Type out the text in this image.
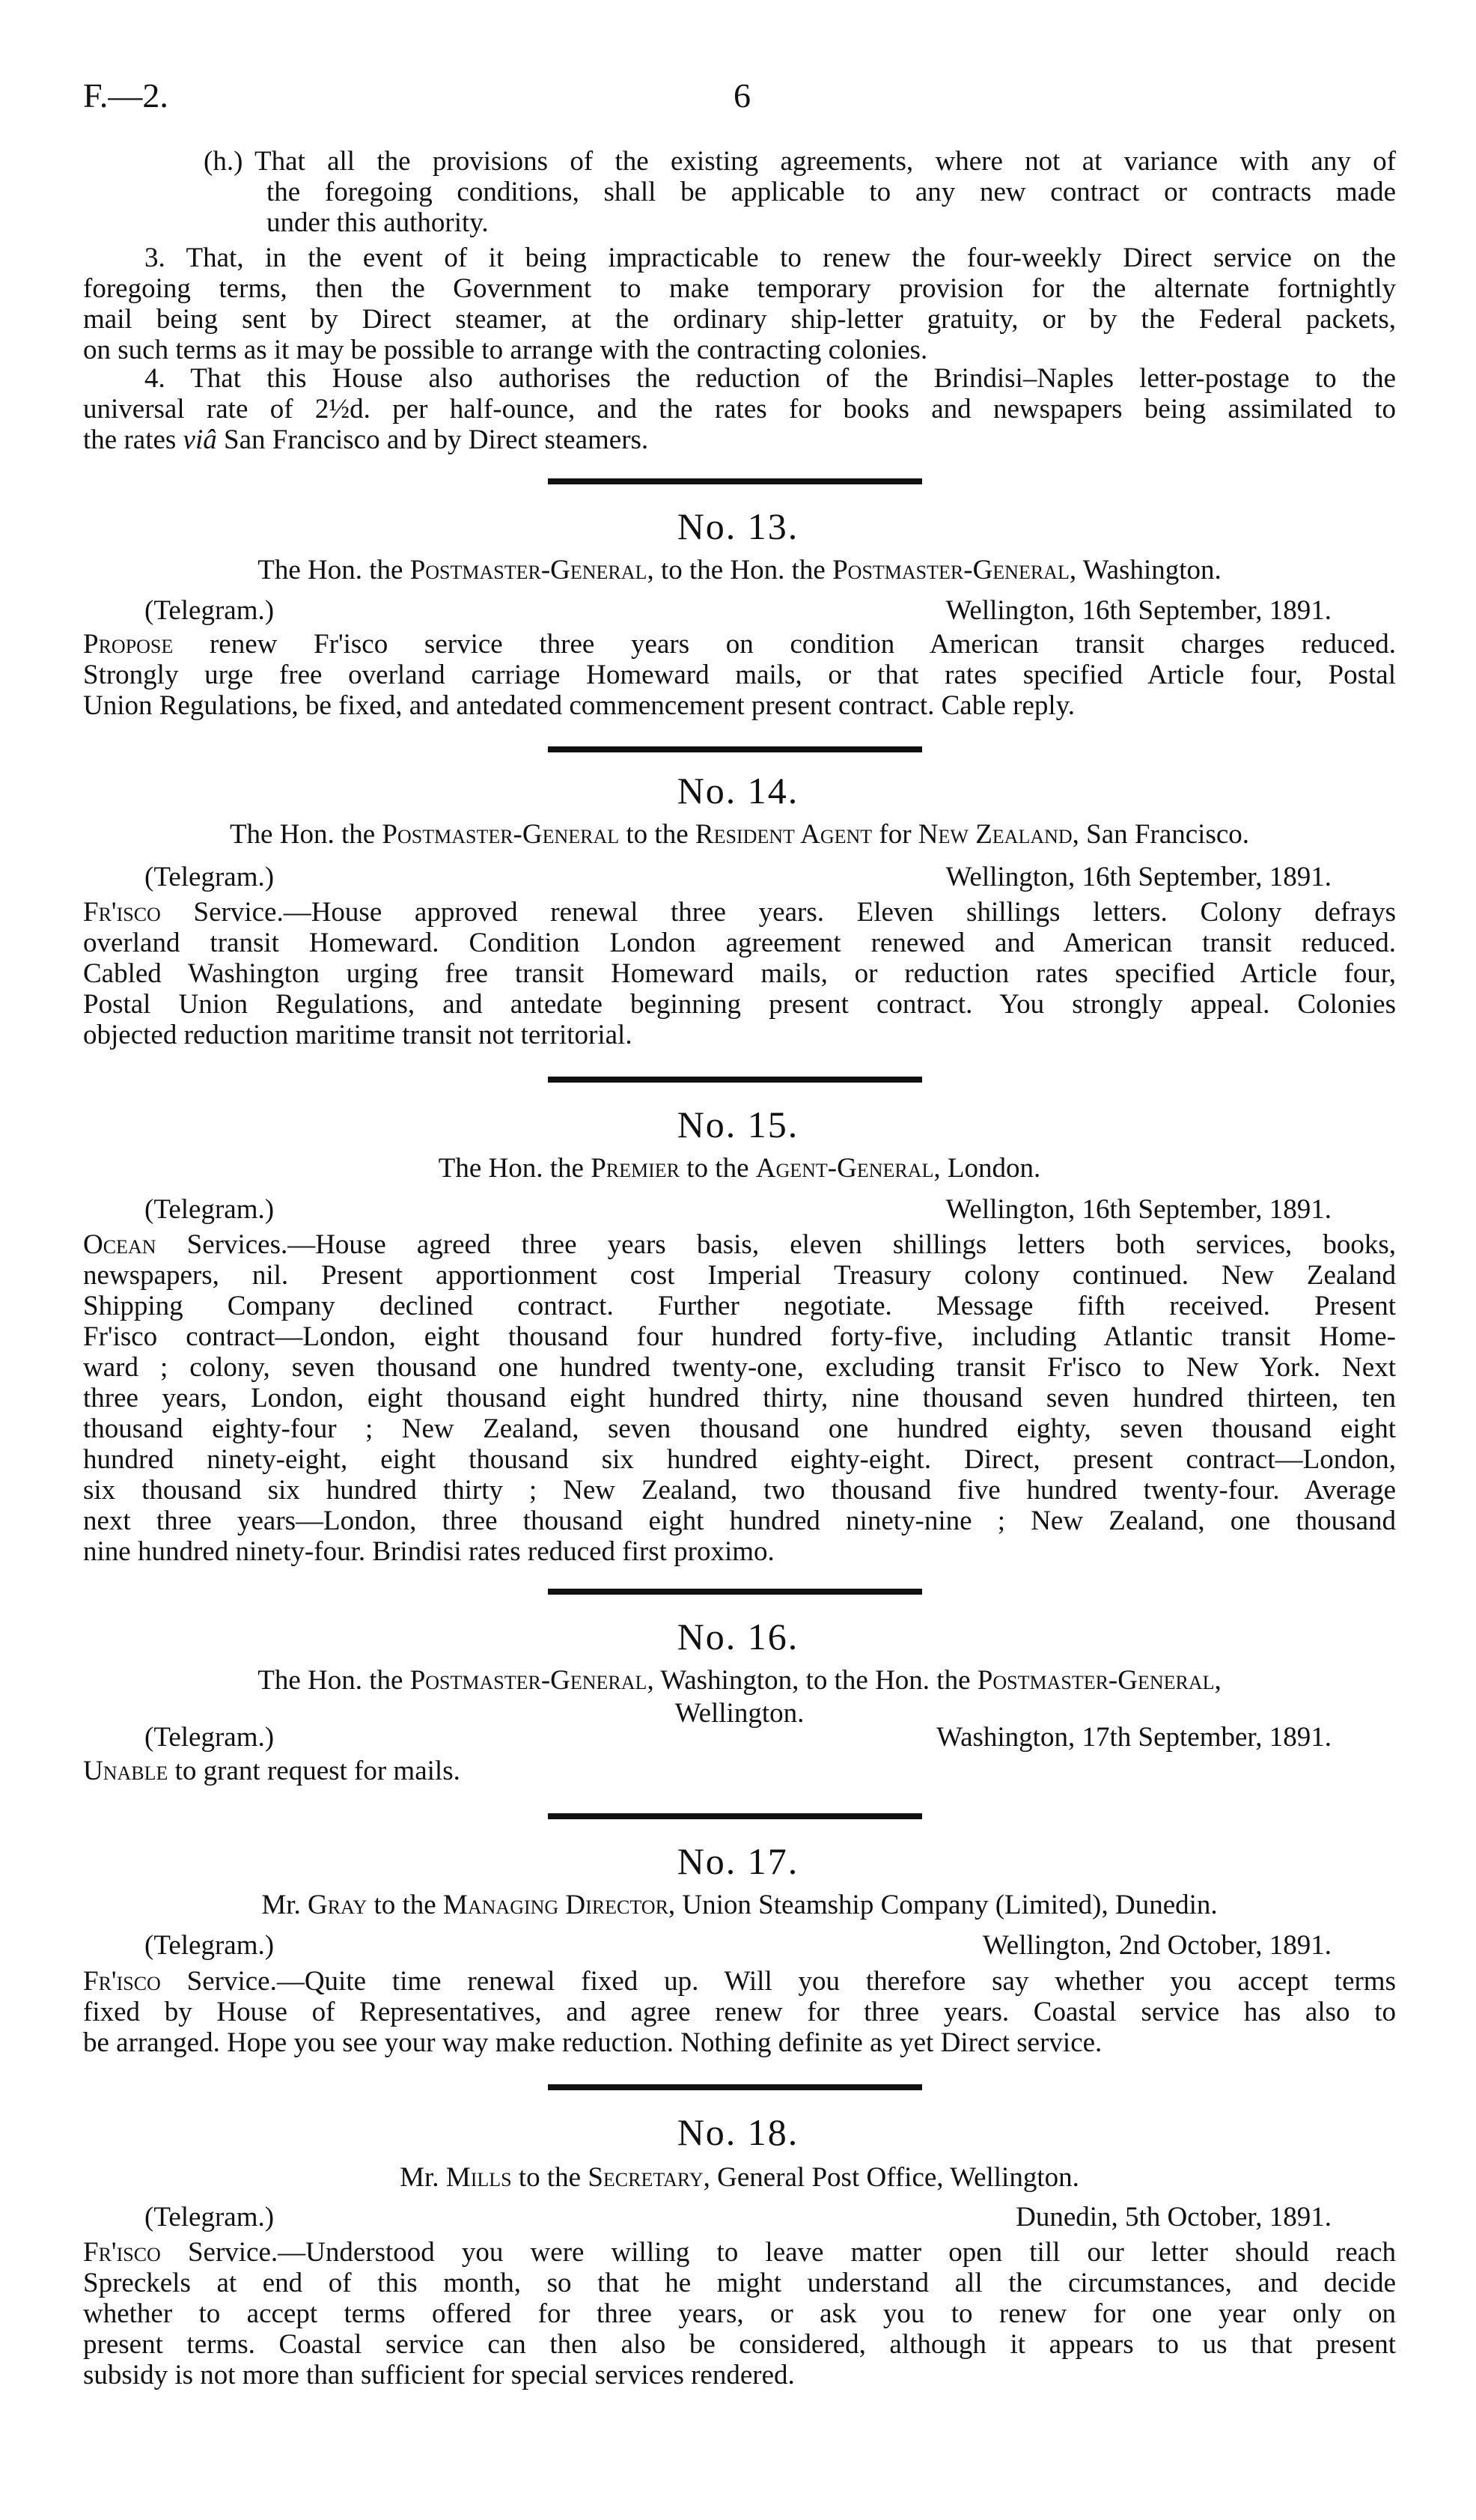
F.—2.	6
(h.) That all the provisions of the existing agreements, where not at variance with any of
the foregoing conditions, shall be applicable to any new contract or contracts made
under this authority.
3. That, in the event of it being impracticable to renew the four-weekly Direct service on the
foregoing terms, then the Government to make temporary provision for the alternate fortnightly
mail being sent by Direct steamer, at the ordinary ship-letter gratuity, or by the Federal packets,
on such terms as it may be possible to arrange with the contracting colonies.
4. That this House also authorises the reduction of the Brindisi–Naples letter-postage to the
universal rate of 2½d. per half-ounce, and the rates for books and newspapers being assimilated to
the rates viâ San Francisco and by Direct steamers.
No. 13.
The Hon. the Postmaster-General, to the Hon. the Postmaster-General, Washington.
(Telegram.)	Wellington, 16th September, 1891.
Propose renew Fr'isco service three years on condition American transit charges reduced.
Strongly urge free overland carriage Homeward mails, or that rates specified Article four, Postal
Union Regulations, be fixed, and antedated commencement present contract. Cable reply.
No. 14.
The Hon. the Postmaster-General to the Resident Agent for New Zealand, San Francisco.
(Telegram.)	Wellington, 16th September, 1891.
Fr'isco Service.—House approved renewal three years. Eleven shillings letters. Colony defrays
overland transit Homeward. Condition London agreement renewed and American transit reduced.
Cabled Washington urging free transit Homeward mails, or reduction rates specified Article four,
Postal Union Regulations, and antedate beginning present contract. You strongly appeal. Colonies
objected reduction maritime transit not territorial.
No. 15.
The Hon. the Premier to the Agent-General, London.
(Telegram.)	Wellington, 16th September, 1891.
Ocean Services.—House agreed three years basis, eleven shillings letters both services, books,
newspapers, nil. Present apportionment cost Imperial Treasury colony continued. New Zealand
Shipping Company declined contract. Further negotiate. Message fifth received. Present
Fr'isco contract—London, eight thousand four hundred forty-five, including Atlantic transit Home-
ward ; colony, seven thousand one hundred twenty-one, excluding transit Fr'isco to New York. Next
three years, London, eight thousand eight hundred thirty, nine thousand seven hundred thirteen, ten
thousand eighty-four ; New Zealand, seven thousand one hundred eighty, seven thousand eight
hundred ninety-eight, eight thousand six hundred eighty-eight. Direct, present contract—London,
six thousand six hundred thirty ; New Zealand, two thousand five hundred twenty-four. Average
next three years—London, three thousand eight hundred ninety-nine ; New Zealand, one thousand
nine hundred ninety-four. Brindisi rates reduced first proximo.
No. 16.
The Hon. the Postmaster-General, Washington, to the Hon. the Postmaster-General,
Wellington.
(Telegram.)	Washington, 17th September, 1891.
Unable to grant request for mails.
No. 17.
Mr. Gray to the Managing Director, Union Steamship Company (Limited), Dunedin.
(Telegram.)	Wellington, 2nd October, 1891.
Fr'isco Service.—Quite time renewal fixed up. Will you therefore say whether you accept terms
fixed by House of Representatives, and agree renew for three years. Coastal service has also to
be arranged. Hope you see your way make reduction. Nothing definite as yet Direct service.
No. 18.
Mr. Mills to the Secretary, General Post Office, Wellington.
(Telegram.)	Dunedin, 5th October, 1891.
Fr'isco Service.—Understood you were willing to leave matter open till our letter should reach
Spreckels at end of this month, so that he might understand all the circumstances, and decide
whether to accept terms offered for three years, or ask you to renew for one year only on
present terms. Coastal service can then also be considered, although it appears to us that present
subsidy is not more than sufficient for special services rendered.
